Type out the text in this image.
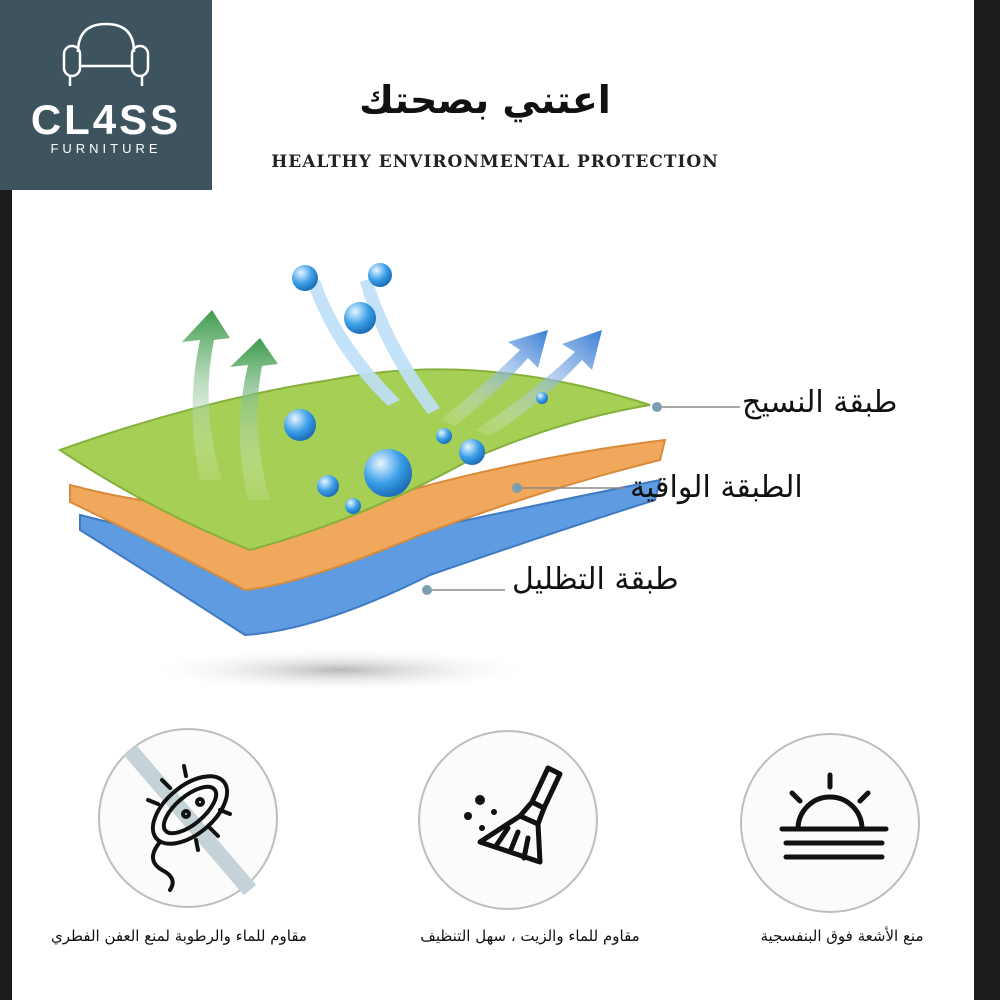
CL4SS
FURNITURE
اعتني بصحتك
HEALTHY ENVIRONMENTAL PROTECTION
طبقة النسيج
الطبقة الواقية
طبقة التظليل
مقاوم للماء والرطوبة لمنع العفن الفطري	مقاوم للماء والزيت ، سهل التنظيف	منع الأشعة فوق البنفسجية
